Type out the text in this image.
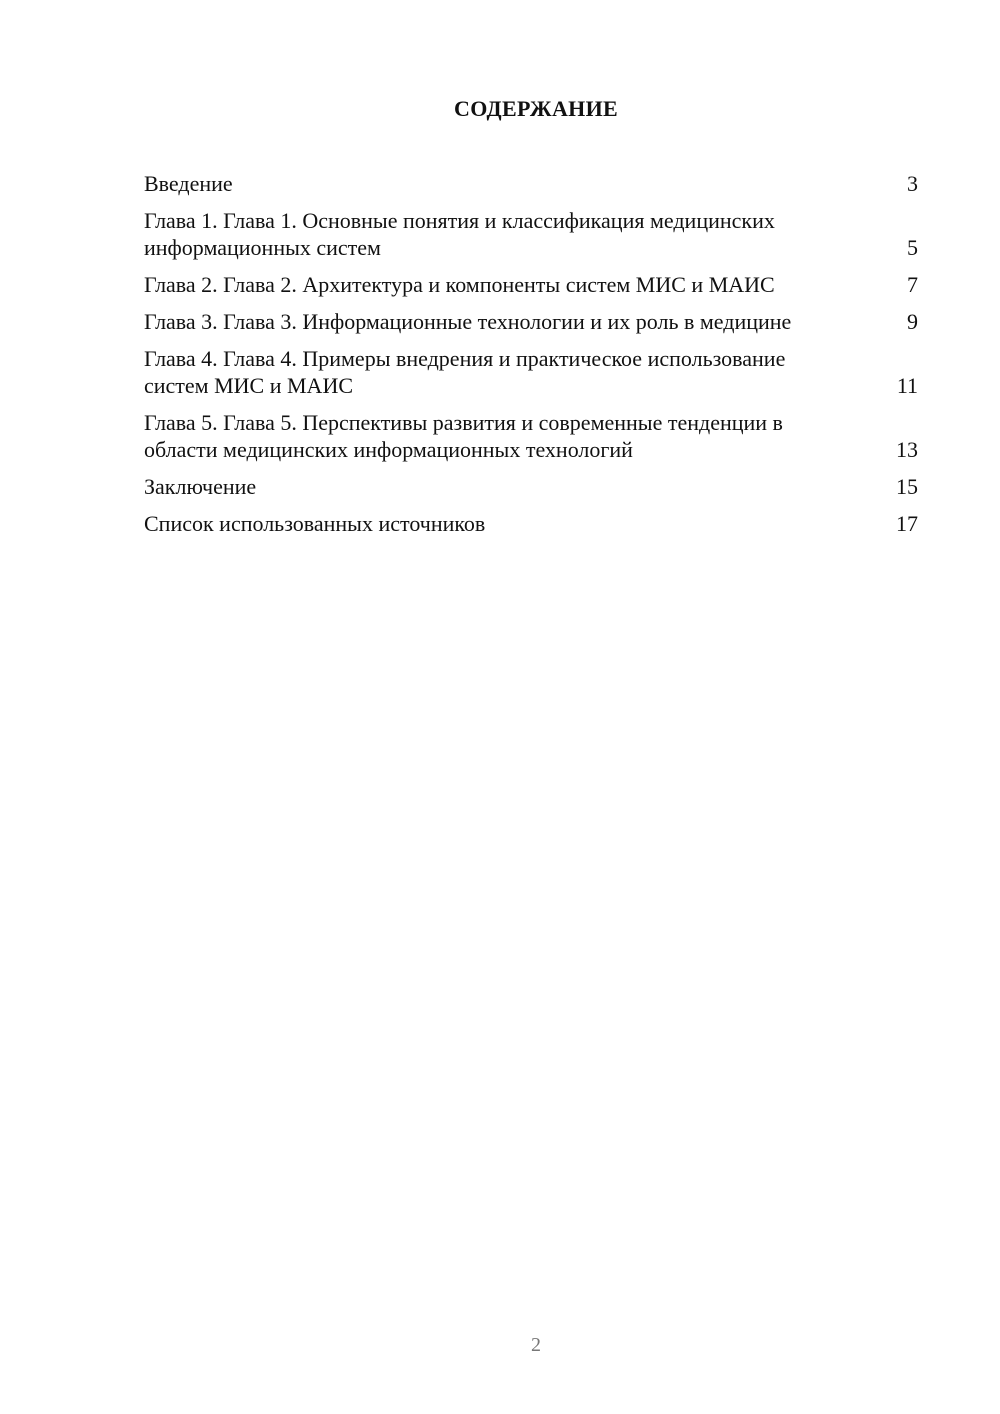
СОДЕРЖАНИЕ
Введение	3
Глава 1. Глава 1. Основные понятия и классификация медицинских информационных систем	5
Глава 2. Глава 2. Архитектура и компоненты систем МИС и МАИС	7
Глава 3. Глава 3. Информационные технологии и их роль в медицине	9
Глава 4. Глава 4. Примеры внедрения и практическое использование систем МИС и МАИС	11
Глава 5. Глава 5. Перспективы развития и современные тенденции в области медицинских информационных технологий	13
Заключение	15
Список использованных источников	17
2
